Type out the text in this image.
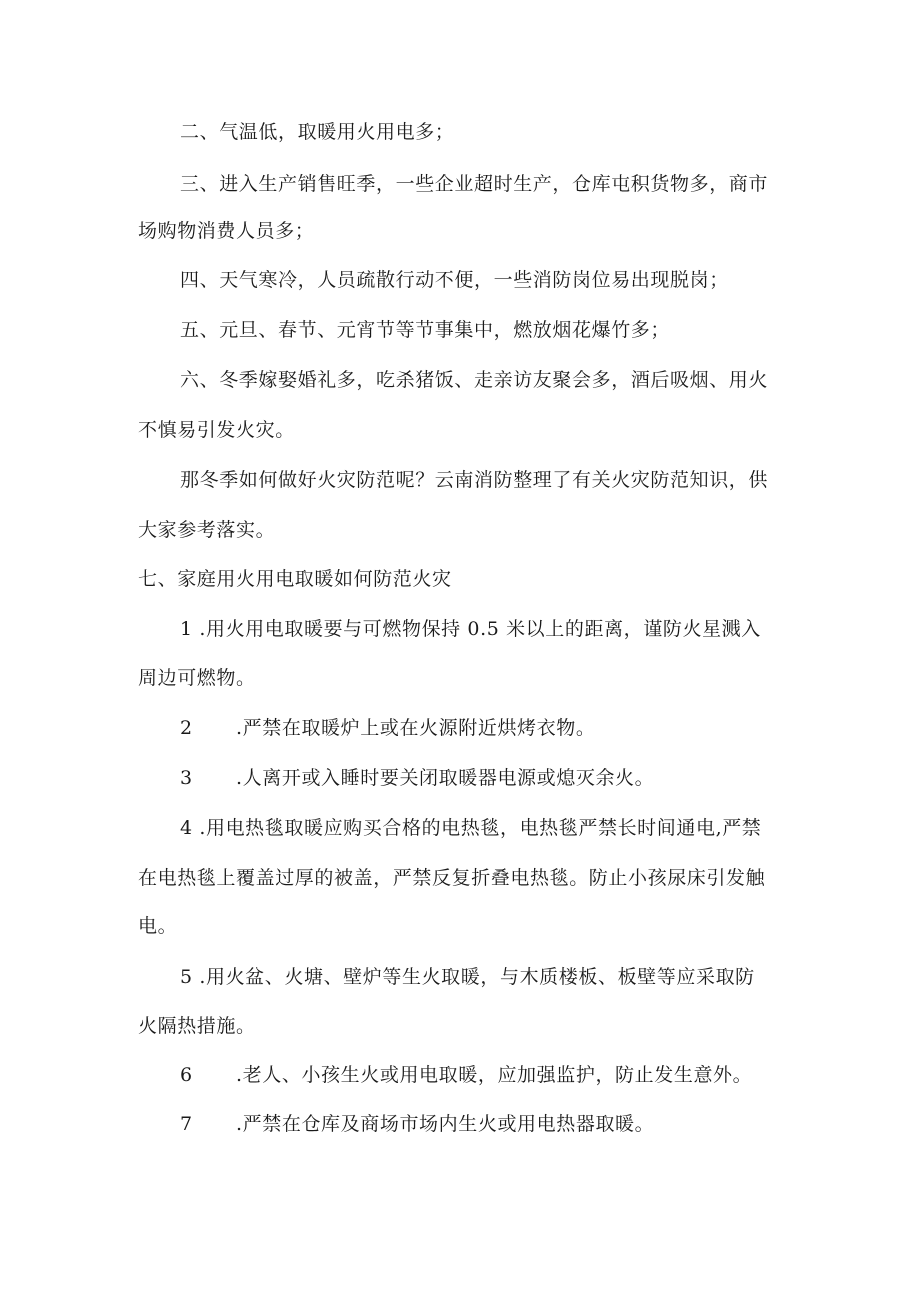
二、气温低，取暖用火用电多；
三、进入生产销售旺季，一些企业超时生产，仓库屯积货物多，商市
场购物消费人员多；
四、天气寒冷，人员疏散行动不便，一些消防岗位易出现脱岗；
五、元旦、春节、元宵节等节事集中，燃放烟花爆竹多；
六、冬季嫁娶婚礼多，吃杀猪饭、走亲访友聚会多，酒后吸烟、用火
不慎易引发火灾。
那冬季如何做好火灾防范呢？云南消防整理了有关火灾防范知识，供
大家参考落实。
七、家庭用火用电取暖如何防范火灾
1 .用火用电取暖要与可燃物保持 0.5 米以上的距离，谨防火星溅入
周边可燃物。
2 .严禁在取暖炉上或在火源附近烘烤衣物。
3 .人离开或入睡时要关闭取暖器电源或熄灭余火。
4 .用电热毯取暖应购买合格的电热毯，电热毯严禁长时间通电,严禁
在电热毯上覆盖过厚的被盖，严禁反复折叠电热毯。防止小孩尿床引发触
电。
5 .用火盆、火塘、壁炉等生火取暖，与木质楼板、板壁等应采取防
火隔热措施。
6 .老人、小孩生火或用电取暖，应加强监护，防止发生意外。
7 .严禁在仓库及商场市场内生火或用电热器取暖。
